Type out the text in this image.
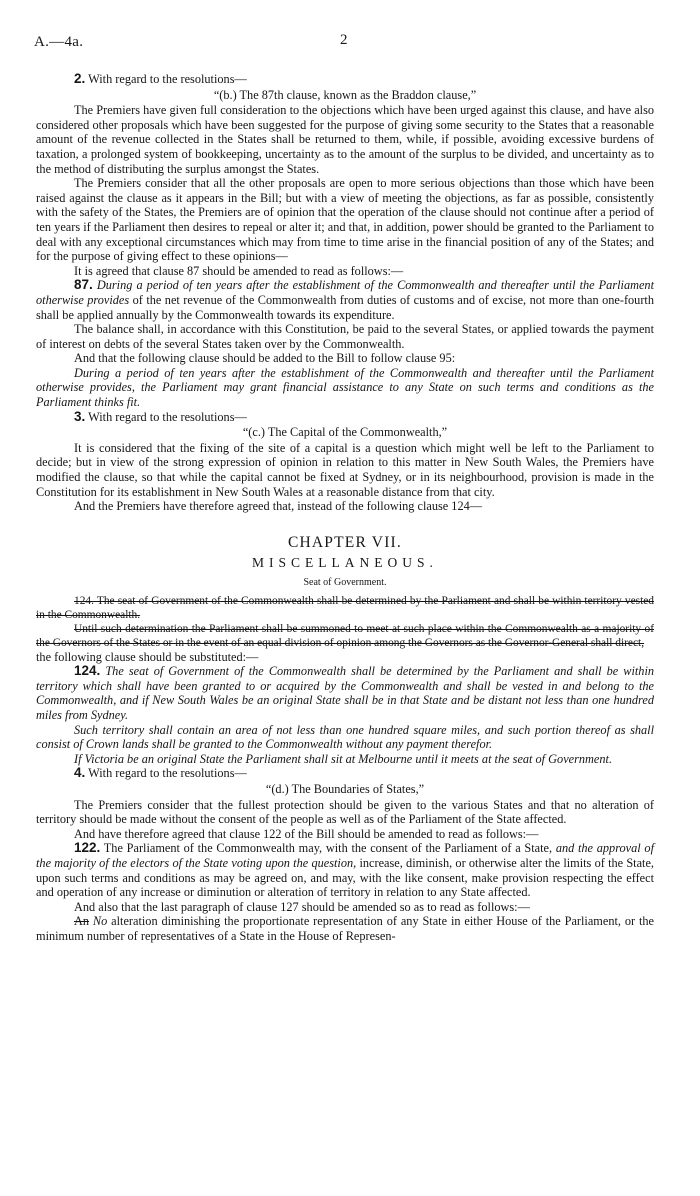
A.—4a.	2

2. With regard to the resolutions—

“(b.) The 87th clause, known as the Braddon clause,”

The Premiers have given full consideration to the objections which have been urged against this clause, and have also considered other proposals which have been suggested for the purpose of giving some security to the States that a reasonable amount of the revenue collected in the States shall be returned to them, while, if possible, avoiding excessive burdens of taxation, a prolonged system of bookkeeping, uncertainty as to the amount of the surplus to be divided, and uncertainty as to the method of distributing the surplus amongst the States.

The Premiers consider that all the other proposals are open to more serious objections than those which have been raised against the clause as it appears in the Bill; but with a view of meeting the objections, as far as possible, consistently with the safety of the States, the Premiers are of opinion that the operation of the clause should not continue after a period of ten years if the Parliament then desires to repeal or alter it; and that, in addition, power should be granted to the Parliament to deal with any exceptional circumstances which may from time to time arise in the financial position of any of the States; and for the purpose of giving effect to these opinions—

It is agreed that clause 87 should be amended to read as follows:—

87. During a period of ten years after the establishment of the Commonwealth and thereafter until the Parliament otherwise provides of the net revenue of the Commonwealth from duties of customs and of excise, not more than one-fourth shall be applied annually by the Commonwealth towards its expenditure.

The balance shall, in accordance with this Constitution, be paid to the several States, or applied towards the payment of interest on debts of the several States taken over by the Commonwealth.

And that the following clause should be added to the Bill to follow clause 95:

During a period of ten years after the establishment of the Commonwealth and thereafter until the Parliament otherwise provides, the Parliament may grant financial assistance to any State on such terms and conditions as the Parliament thinks fit.

3. With regard to the resolutions—

“(c.) The Capital of the Commonwealth,”

It is considered that the fixing of the site of a capital is a question which might well be left to the Parliament to decide; but in view of the strong expression of opinion in relation to this matter in New South Wales, the Premiers have modified the clause, so that while the capital cannot be fixed at Sydney, or in its neighbourhood, provision is made in the Constitution for its establishment in New South Wales at a reasonable distance from that city.

And the Premiers have therefore agreed that, instead of the following clause 124—

CHAPTER VII.

MISCELLANEOUS.

Seat of Government.

124. The seat of Government of the Commonwealth shall be determined by the Parliament and shall be within territory vested in the Commonwealth.

Until such determination the Parliament shall be summoned to meet at such place within the Commonwealth as a majority of the Governors of the States or in the event of an equal division of opinion among the Governors as the Governor-General shall direct,

the following clause should be substituted:—

124. The seat of Government of the Commonwealth shall be determined by the Parliament and shall be within territory which shall have been granted to or acquired by the Commonwealth and shall be vested in and belong to the Commonwealth, and if New South Wales be an original State shall be in that State and be distant not less than one hundred miles from Sydney.

Such territory shall contain an area of not less than one hundred square miles, and such portion thereof as shall consist of Crown lands shall be granted to the Commonwealth without any payment therefor.

If Victoria be an original State the Parliament shall sit at Melbourne until it meets at the seat of Government.

4. With regard to the resolutions—

“(d.) The Boundaries of States,”

The Premiers consider that the fullest protection should be given to the various States and that no alteration of territory should be made without the consent of the people as well as of the Parliament of the State affected.

And have therefore agreed that clause 122 of the Bill should be amended to read as follows:—

122. The Parliament of the Commonwealth may, with the consent of the Parliament of a State, and the approval of the majority of the electors of the State voting upon the question, increase, diminish, or otherwise alter the limits of the State, upon such terms and conditions as may be agreed on, and may, with the like consent, make provision respecting the effect and operation of any increase or diminution or alteration of territory in relation to any State affected.

And also that the last paragraph of clause 127 should be amended so as to read as follows:—

An No alteration diminishing the proportionate representation of any State in either House of the Parliament, or the minimum number of representatives of a State in the House of Represen-
